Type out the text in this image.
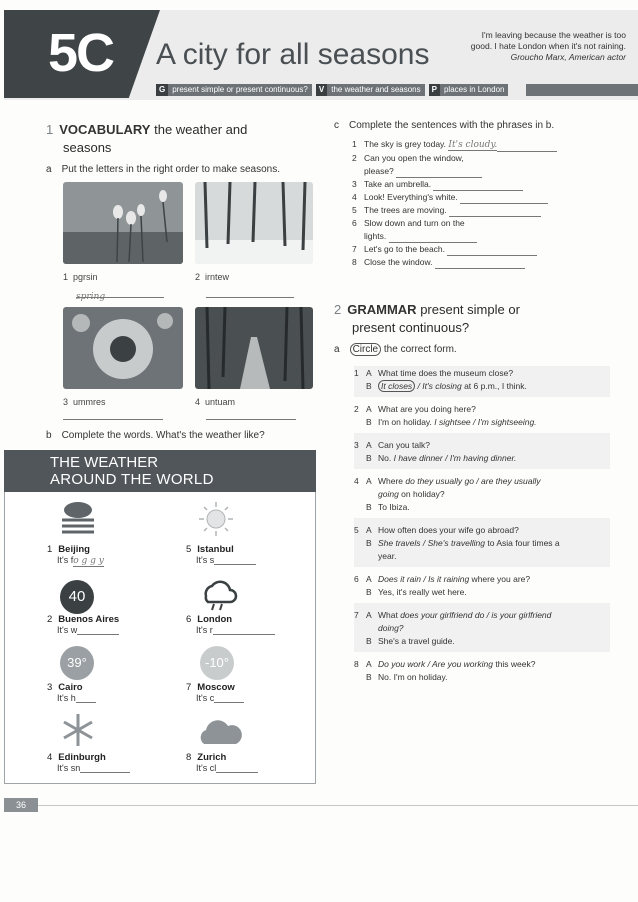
5C A city for all seasons
I'm leaving because the weather is too
good. I hate London when it's not raining.
Groucho Marx, American actor
G present simple or present continuous?	V the weather and seasons	P places in London
1 VOCABULARY the weather and
seasons
a Put the letters in the right order to make seasons.
1 pgrsin
spring
2 irntew
3 ummres	4 untuam
b Complete the words. What's the weather like?
THE WEATHER
AROUND THE WORLD
1 Beijing
It's fo g g y
40
2 Buenos Aires
It's w
39°
3 Cairo
It's h
4 Edinburgh
It's sn
5 Istanbul
It's s
6 London
It's r
-10°
7 Moscow
It's c
8 Zurich
It's cl
c Complete the sentences with the phrases in b.
1 The sky is grey today. It's cloudy.
2 Can you open the window,
please?
3 Take an umbrella.
4 Look! Everything's white.
5 The trees are moving.
6 Slow down and turn on the
lights.
7 Let's go to the beach.
8 Close the window.
2 GRAMMAR present simple or
present continuous?
a Circle the correct form.
1 A What time does the museum close?
B It closes / It's closing at 6 p.m., I think.
2 A What are you doing here?
B I'm on holiday. I sightsee / I'm sightseeing.
3 A Can you talk?
B No. I have dinner / I'm having dinner.
4 A Where do they usually go / are they usually
going on holiday?
B To Ibiza.
5 A How often does your wife go abroad?
B She travels / She's travelling to Asia four times a
year.
6 A Does it rain / Is it raining where you are?
B Yes, it's really wet here.
7 A What does your girlfriend do / is your girlfriend
doing?
B She's a travel guide.
8 A Do you work / Are you working this week?
B No. I'm on holiday.
36
